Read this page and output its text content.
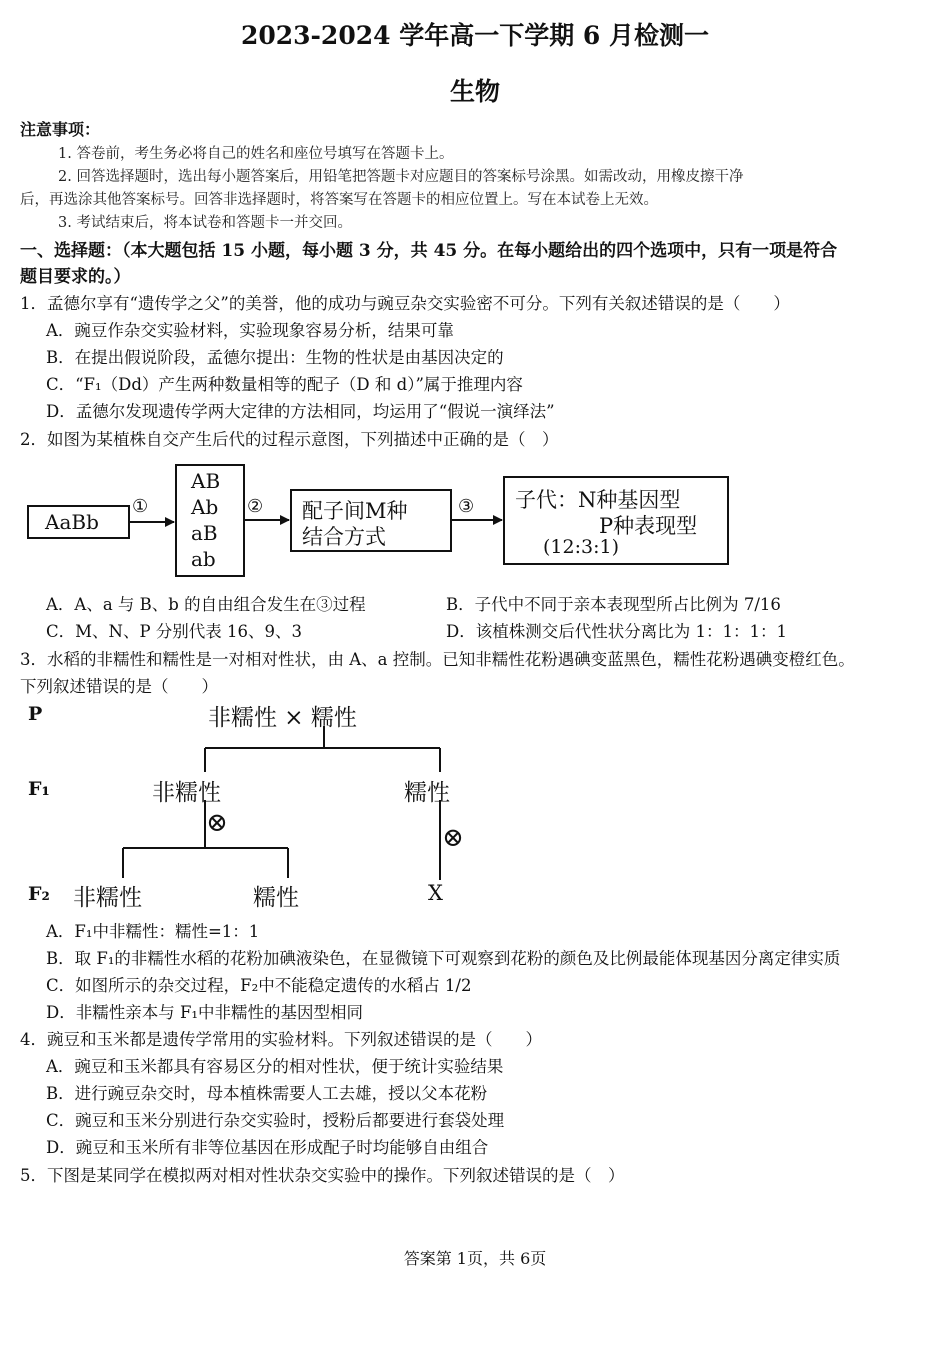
2023-2024 学年高一下学期 6 月检测一
生物
注意事项：
1. 答卷前，考生务必将自己的姓名和座位号填写在答题卡上。
2. 回答选择题时，选出每小题答案后，用铅笔把答题卡对应题目的答案标号涂黑。如需改动，用橡皮擦干净
后，再选涂其他答案标号。回答非选择题时，将答案写在答题卡的相应位置上。写在本试卷上无效。
3. 考试结束后，将本试卷和答题卡一并交回。
一、选择题：（本大题包括 15 小题，每小题 3 分，共 45 分。在每小题给出的四个选项中，只有一项是符合
题目要求的。）
1．孟德尔享有“遗传学之父”的美誉，他的成功与豌豆杂交实验密不可分。下列有关叙述错误的是（　　）
A．豌豆作杂交实验材料，实验现象容易分析，结果可靠
B．在提出假说阶段，孟德尔提出：生物的性状是由基因决定的
C．“F₁（Dd）产生两种数量相等的配子（D 和 d）”属于推理内容
D．孟德尔发现遗传学两大定律的方法相同，均运用了“假说一演绎法”
2．如图为某植株自交产生后代的过程示意图，下列描述中正确的是（　）
AaBb
①
AB
Ab
aB
ab
② 配子间M种
结合方式
③ 子代：N种基因型
P种表现型
(12:3:1)
A．A、a 与 B、b 的自由组合发生在③过程	B．子代中不同于亲本表现型所占比例为 7/16
C．M、N、P 分别代表 16、9、3	D．该植株测交后代性状分离比为 1：1：1：1
3．水稻的非糯性和糯性是一对相对性状，由 A、a 控制。已知非糯性花粉遇碘变蓝黑色，糯性花粉遇碘变橙红色。
下列叙述错误的是（　　）
P	非糯性 × 糯性
F₁	非糯性	糯性
⊗	⊗
F₂ 非糯性	糯性	X
A．F₁中非糯性：糯性=1：1
B．取 F₁的非糯性水稻的花粉加碘液染色，在显微镜下可观察到花粉的颜色及比例最能体现基因分离定律实质
C．如图所示的杂交过程，F₂中不能稳定遗传的水稻占 1/2
D．非糯性亲本与 F₁中非糯性的基因型相同
4．豌豆和玉米都是遗传学常用的实验材料。下列叙述错误的是（　　）
A．豌豆和玉米都具有容易区分的相对性状，便于统计实验结果
B．进行豌豆杂交时，母本植株需要人工去雄，授以父本花粉
C．豌豆和玉米分别进行杂交实验时，授粉后都要进行套袋处理
D．豌豆和玉米所有非等位基因在形成配子时均能够自由组合
5．下图是某同学在模拟两对相对性状杂交实验中的操作。下列叙述错误的是（　）
答案第 1页，共 6页
